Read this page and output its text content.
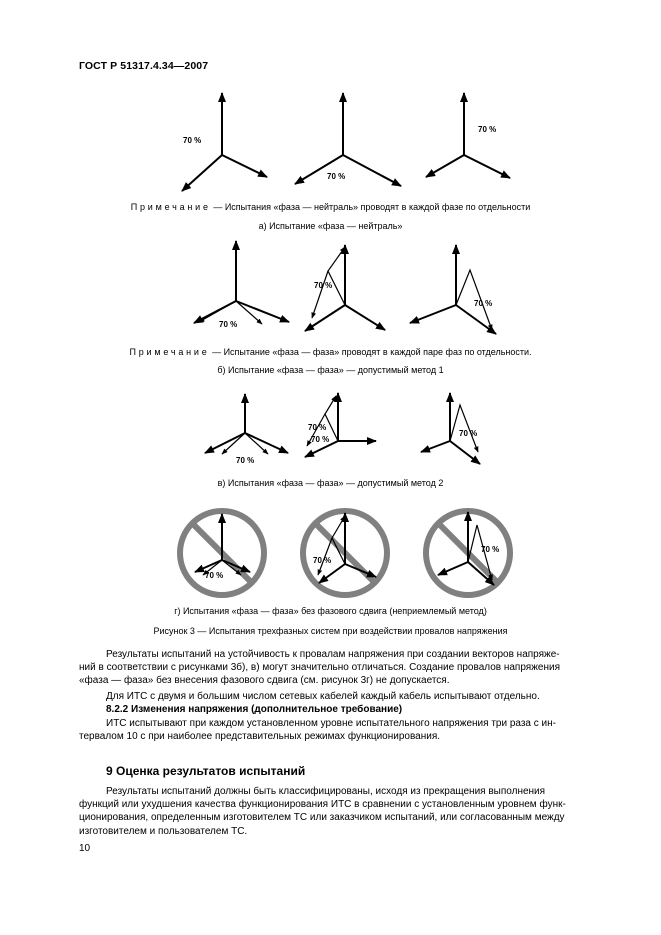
ГОСТ Р 51317.4.34—2007
70 %
70 %
70 %
70 %
70 %
70 %
70 %
70 %
70 %
70 %
70 %
70 %
70 %

Примечание — Испытания «фаза — нейтраль» проводят в каждой фазе по отдельности

а) Испытание «фаза — нейтраль»

Примечание — Испытание «фаза — фаза» проводят в каждой паре фаз по отдельности.

б) Испытание «фаза — фаза» — допустимый метод 1

в) Испытания «фаза — фаза» — допустимый метод 2

г) Испытания «фаза — фаза» без фазового сдвига (неприемлемый метод)

Рисунок 3 — Испытания трехфазных систем при воздействии провалов напряжения

Результаты испытаний на устойчивость к провалам напряжения при создании векторов напряже-
ний в соответствии с рисунками 3б), в) могут значительно отличаться. Создание провалов напряжения
«фаза — фаза» без внесения фазового сдвига (см. рисунок 3г) не допускается.
Для ИТС с двумя и большим числом сетевых кабелей каждый кабель испытывают отдельно.

8.2.2 Изменения напряжения (дополнительное требование)

ИТС испытывают при каждом установленном уровне испытательного напряжения три раза с ин-
тервалом 10 с при наиболее представительных режимах функционирования.

9 Оценка результатов испытаний

Результаты испытаний должны быть классифицированы, исходя из прекращения выполнения
функций или ухудшения качества функционирования ИТС в сравнении с установленным уровнем функ-
ционирования, определенным изготовителем ТС или заказчиком испытаний, или согласованным между
изготовителем и пользователем ТС.

10
